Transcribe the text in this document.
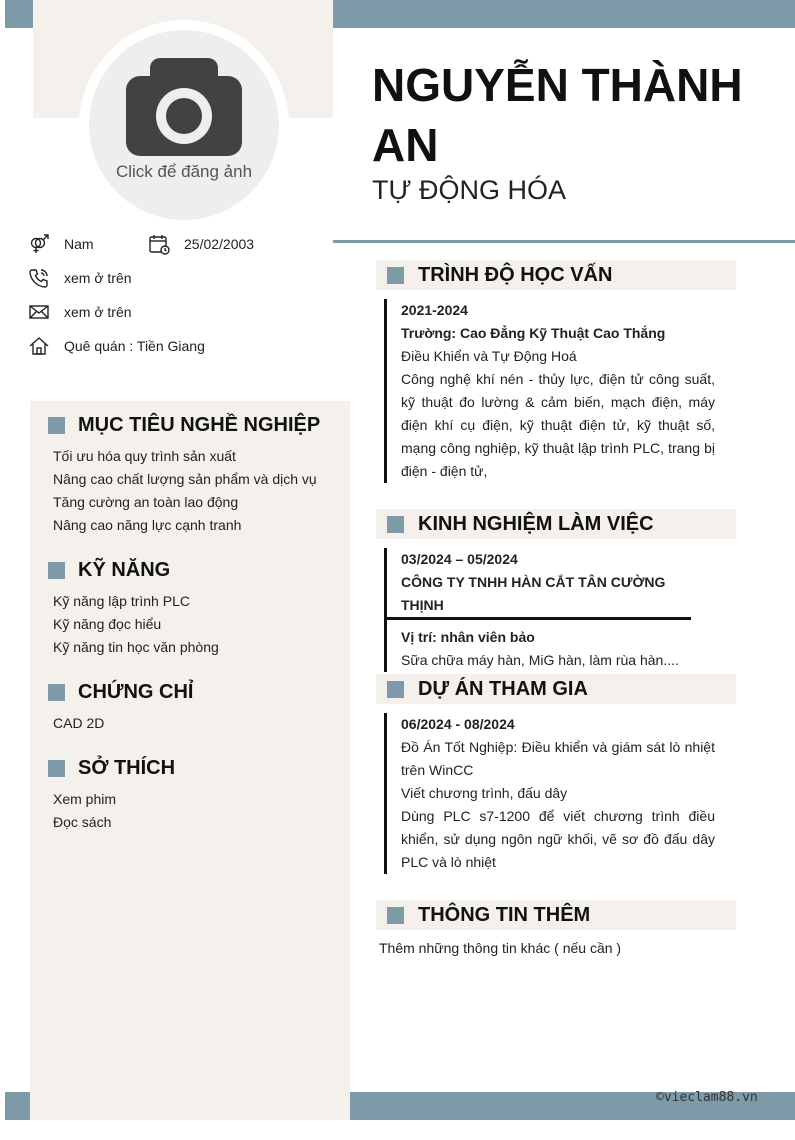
©vieclam88.vn
Click để đăng ảnh
NGUYỄN THÀNH AN
TỰ ĐỘNG HÓA
Nam	25/02/2003
xem ở trên
xem ở trên
Quê quán : Tiền Giang
MỤC TIÊU NGHỀ NGHIỆP
Tối ưu hóa quy trình sản xuất
Nâng cao chất lượng sản phẩm và dịch vụ
Tăng cường an toàn lao động
Nâng cao năng lực cạnh tranh
KỸ NĂNG
Kỹ năng lập trình PLC
Kỹ năng đọc hiểu
Kỹ năng tin học văn phòng
CHỨNG CHỈ
CAD 2D
SỞ THÍCH
Xem phim
Đọc sách
TRÌNH ĐỘ HỌC VẤN
2021-2024
Trường: Cao Đẳng Kỹ Thuật Cao Thắng
Điều Khiển và Tự Động Hoá
Công nghệ khí nén - thủy lực, điện tử công suất, kỹ thuật đo lường & cảm biến, mạch điện, máy điện khí cụ điện, kỹ thuật điện tử, kỹ thuật số, mạng công nghiệp, kỹ thuật lập trình PLC, trang bị điện - điện tử,
KINH NGHIỆM LÀM VIỆC
03/2024 – 05/2024
CÔNG TY TNHH HÀN CẮT TÂN CƯỜNG THỊNH
Vị trí: nhân viên bảo
Sữa chữa máy hàn, MiG hàn, làm rùa hàn....
DỰ ÁN THAM GIA
06/2024 - 08/2024
Đồ Án Tốt Nghiệp: Điều khiển và giám sát lò nhiệt trên WinCC
Viết chương trình, đấu dây
Dùng PLC s7-1200 để viết chương trình điều khiển, sử dụng ngôn ngữ khối, vẽ sơ đồ đấu dây PLC và lò nhiệt
THÔNG TIN THÊM
Thêm những thông tin khác ( nếu cần )
